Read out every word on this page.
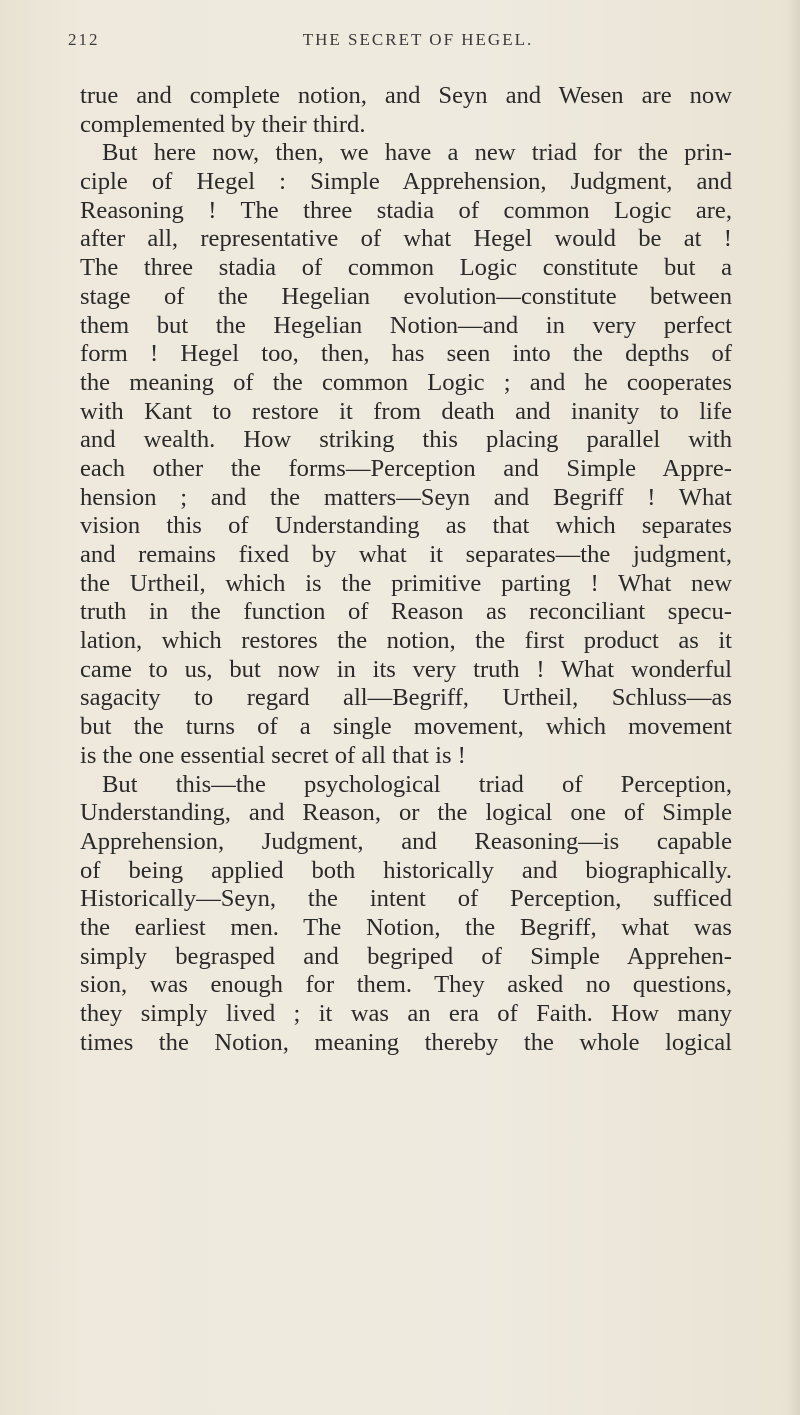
212	THE SECRET OF HEGEL.
true and complete notion, and Seyn and Wesen are now
complemented by their third.
But here now, then, we have a new triad for the prin-
ciple of Hegel : Simple Apprehension, Judgment, and
Reasoning ! The three stadia of common Logic are,
after all, representative of what Hegel would be at !
The three stadia of common Logic constitute but a
stage of the Hegelian evolution—constitute between
them but the Hegelian Notion—and in very perfect
form ! Hegel too, then, has seen into the depths of
the meaning of the common Logic ; and he cooperates
with Kant to restore it from death and inanity to life
and wealth. How striking this placing parallel with
each other the forms—Perception and Simple Appre-
hension ; and the matters—Seyn and Begriff ! What
vision this of Understanding as that which separates
and remains fixed by what it separates—the judgment,
the Urtheil, which is the primitive parting ! What new
truth in the function of Reason as reconciliant specu-
lation, which restores the notion, the first product as it
came to us, but now in its very truth ! What wonderful
sagacity to regard all—Begriff, Urtheil, Schluss—as
but the turns of a single movement, which movement
is the one essential secret of all that is !
But this—the psychological triad of Perception,
Understanding, and Reason, or the logical one of Simple
Apprehension, Judgment, and Reasoning—is capable
of being applied both historically and biographically.
Historically—Seyn, the intent of Perception, sufficed
the earliest men. The Notion, the Begriff, what was
simply begrasped and begriped of Simple Apprehen-
sion, was enough for them. They asked no questions,
they simply lived ; it was an era of Faith. How many
times the Notion, meaning thereby the whole logical
